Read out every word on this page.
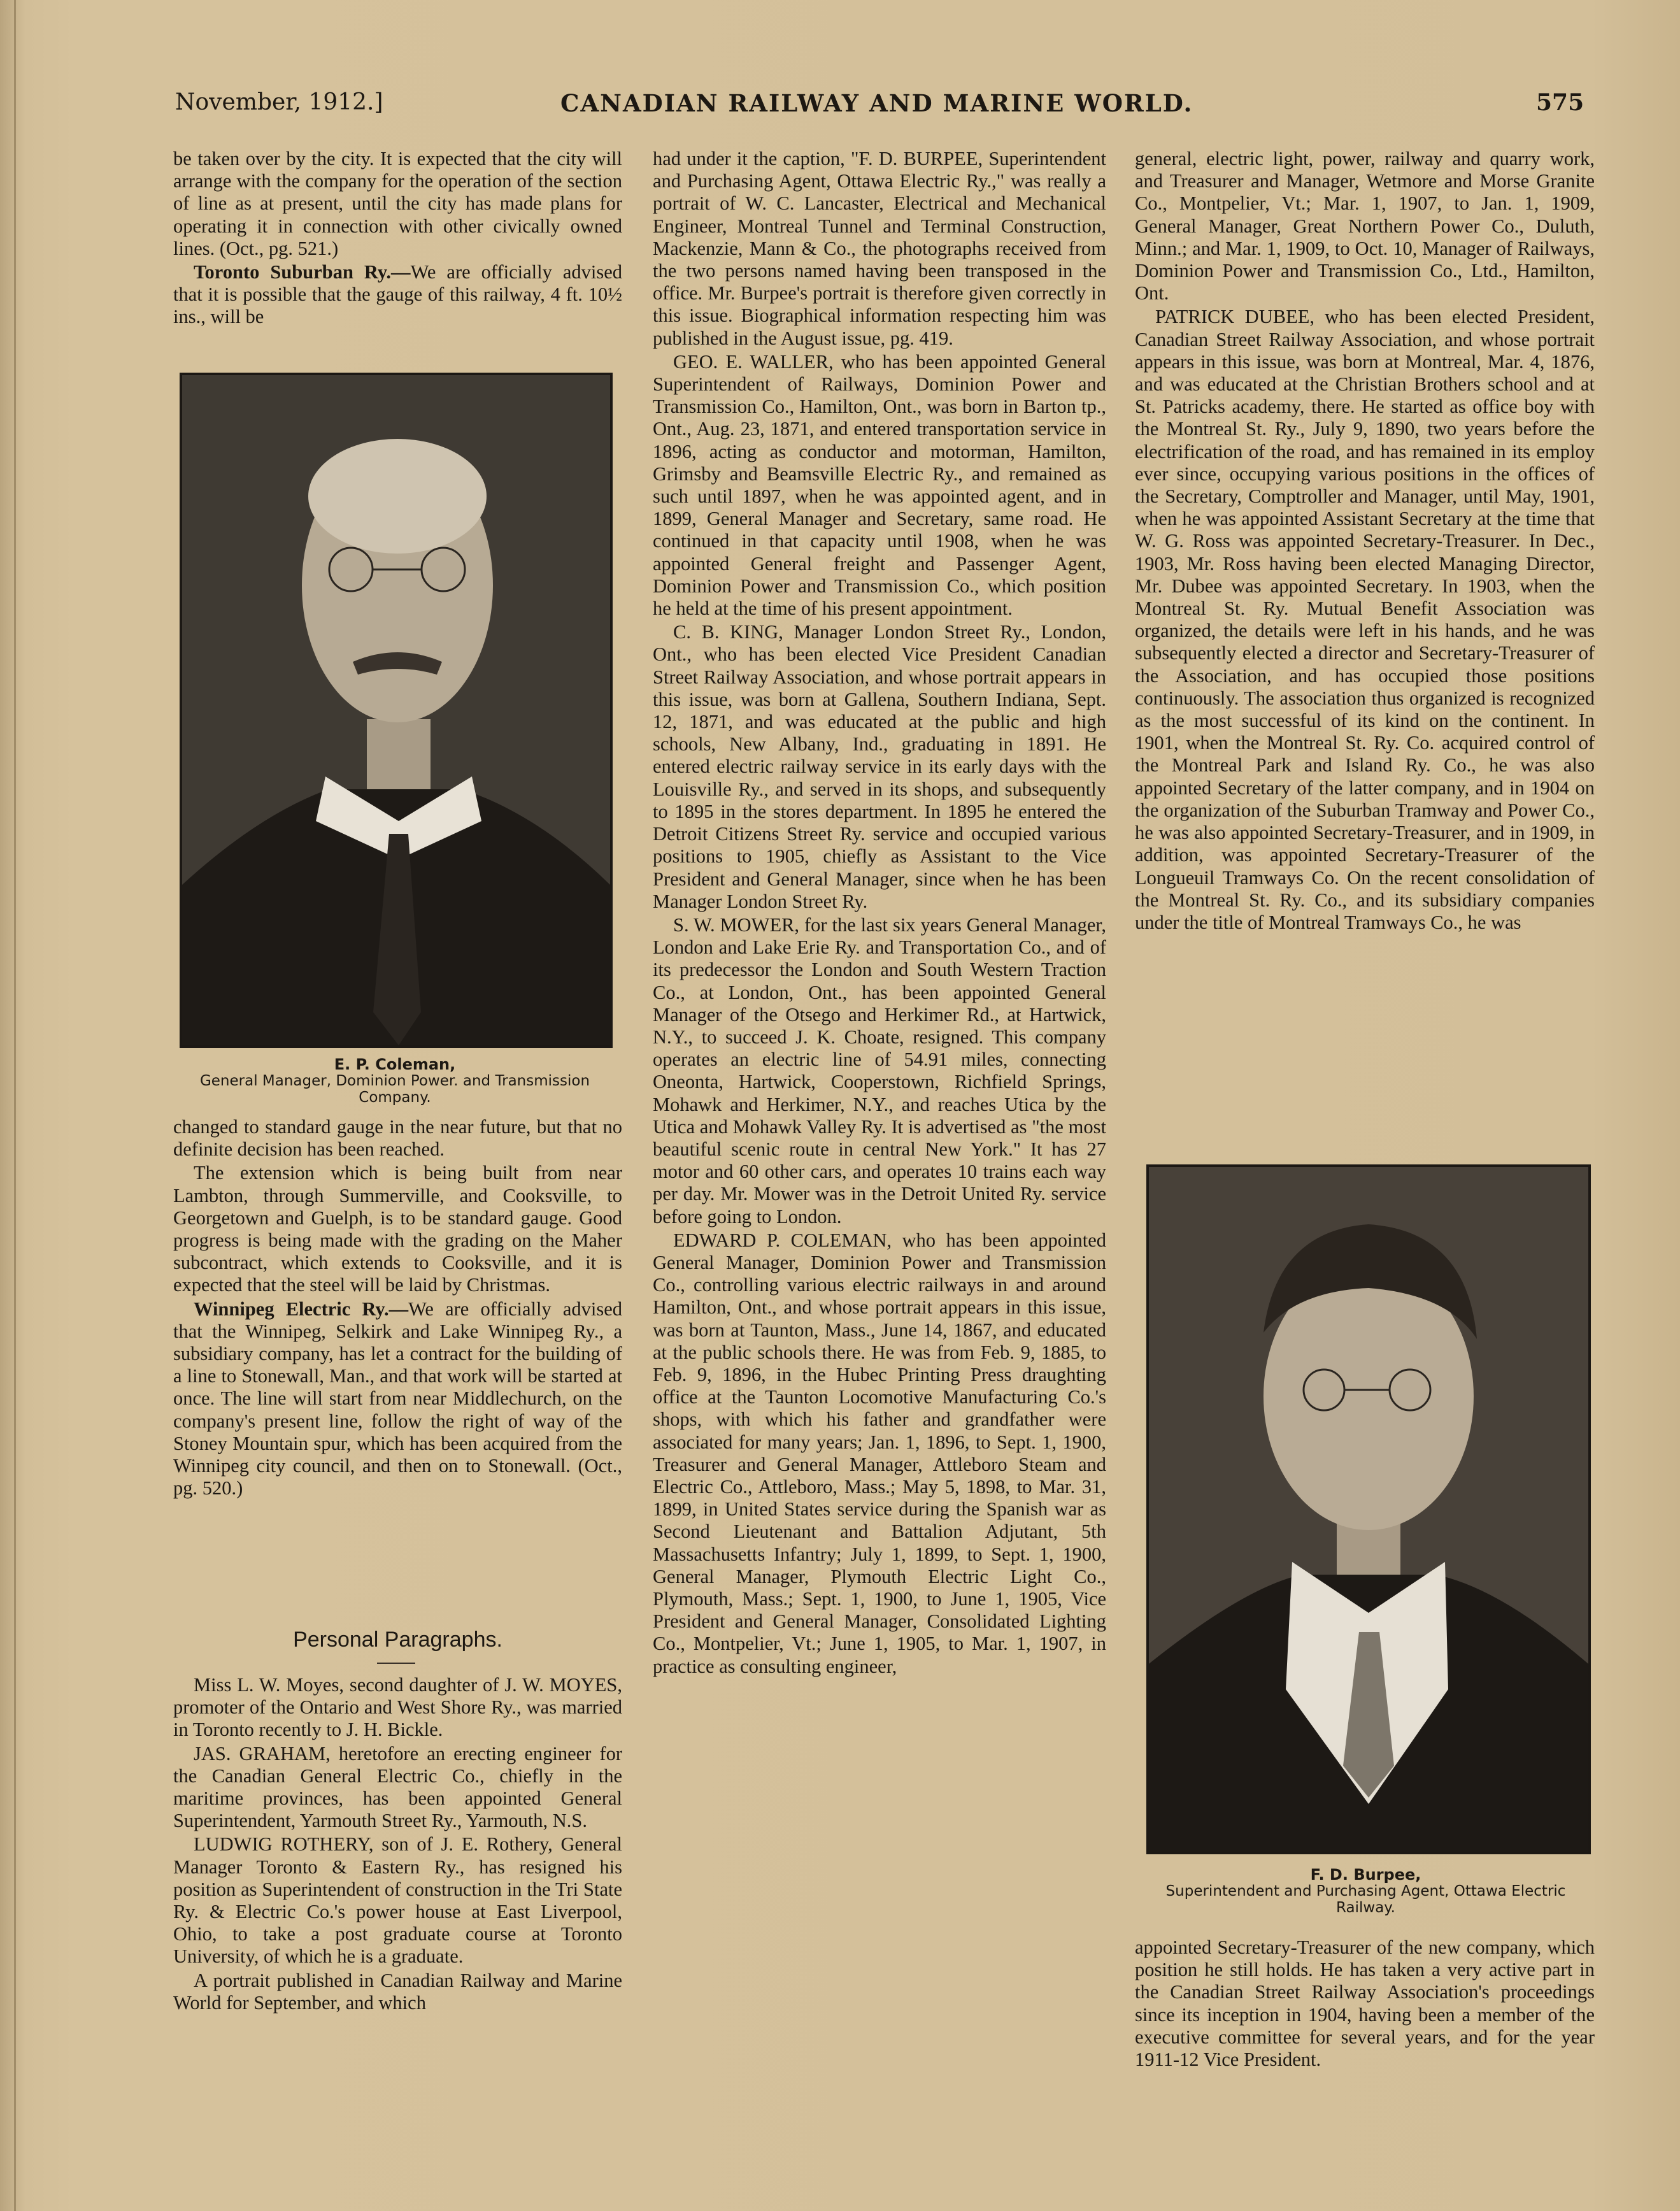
November, 1912.]	CANADIAN RAILWAY AND MARINE WORLD.	575

be taken over by the city. It is expected that the city will arrange with the company for the operation of the section of line as at present, until the city has made plans for operating it in connection with other civically owned lines. (Oct., pg. 521.)

Toronto Suburban Ry.—We are officially advised that it is possible that the gauge of this railway, 4 ft. 10½ ins., will be

E. P. Coleman,
General Manager, Dominion Power. and Transmission Company.

changed to standard gauge in the near future, but that no definite decision has been reached.

The extension which is being built from near Lambton, through Summerville, and Cooksville, to Georgetown and Guelph, is to be standard gauge. Good progress is being made with the grading on the Maher subcontract, which extends to Cooksville, and it is expected that the steel will be laid by Christmas.

Winnipeg Electric Ry.—We are officially advised that the Winnipeg, Selkirk and Lake Winnipeg Ry., a subsidiary company, has let a contract for the building of a line to Stonewall, Man., and that work will be started at once. The line will start from near Middlechurch, on the company's present line, follow the right of way of the Stoney Mountain spur, which has been acquired from the Winnipeg city council, and then on to Stonewall. (Oct., pg. 520.)

Personal Paragraphs.

Miss L. W. Moyes, second daughter of J. W. MOYES, promoter of the Ontario and West Shore Ry., was married in Toronto recently to J. H. Bickle.

JAS. GRAHAM, heretofore an erecting engineer for the Canadian General Electric Co., chiefly in the maritime provinces, has been appointed General Superintendent, Yarmouth Street Ry., Yarmouth, N.S.

LUDWIG ROTHERY, son of J. E. Rothery, General Manager Toronto & Eastern Ry., has resigned his position as Superintendent of construction in the Tri State Ry. & Electric Co.'s power house at East Liverpool, Ohio, to take a post graduate course at Toronto University, of which he is a graduate.

A portrait published in Canadian Railway and Marine World for September, and which

had under it the caption, "F. D. BURPEE, Superintendent and Purchasing Agent, Ottawa Electric Ry.," was really a portrait of W. C. Lancaster, Electrical and Mechanical Engineer, Montreal Tunnel and Terminal Construction, Mackenzie, Mann & Co., the photographs received from the two persons named having been transposed in the office. Mr. Burpee's portrait is therefore given correctly in this issue. Biographical information respecting him was published in the August issue, pg. 419.

GEO. E. WALLER, who has been appointed General Superintendent of Railways, Dominion Power and Transmission Co., Hamilton, Ont., was born in Barton tp., Ont., Aug. 23, 1871, and entered transportation service in 1896, acting as conductor and motorman, Hamilton, Grimsby and Beamsville Electric Ry., and remained as such until 1897, when he was appointed agent, and in 1899, General Manager and Secretary, same road. He continued in that capacity until 1908, when he was appointed General freight and Passenger Agent, Dominion Power and Transmission Co., which position he held at the time of his present appointment.

C. B. KING, Manager London Street Ry., London, Ont., who has been elected Vice President Canadian Street Railway Association, and whose portrait appears in this issue, was born at Gallena, Southern Indiana, Sept. 12, 1871, and was educated at the public and high schools, New Albany, Ind., graduating in 1891. He entered electric railway service in its early days with the Louisville Ry., and served in its shops, and subsequently to 1895 in the stores department. In 1895 he entered the Detroit Citizens Street Ry. service and occupied various positions to 1905, chiefly as Assistant to the Vice President and General Manager, since when he has been Manager London Street Ry.

S. W. MOWER, for the last six years General Manager, London and Lake Erie Ry. and Transportation Co., and of its predecessor the London and South Western Traction Co., at London, Ont., has been appointed General Manager of the Otsego and Herkimer Rd., at Hartwick, N.Y., to succeed J. K. Choate, resigned. This company operates an electric line of 54.91 miles, connecting Oneonta, Hartwick, Cooperstown, Richfield Springs, Mohawk and Herkimer, N.Y., and reaches Utica by the Utica and Mohawk Valley Ry. It is advertised as "the most beautiful scenic route in central New York." It has 27 motor and 60 other cars, and operates 10 trains each way per day. Mr. Mower was in the Detroit United Ry. service before going to London.

EDWARD P. COLEMAN, who has been appointed General Manager, Dominion Power and Transmission Co., controlling various electric railways in and around Hamilton, Ont., and whose portrait appears in this issue, was born at Taunton, Mass., June 14, 1867, and educated at the public schools there. He was from Feb. 9, 1885, to Feb. 9, 1896, in the Hubec Printing Press draughting office at the Taunton Locomotive Manufacturing Co.'s shops, with which his father and grandfather were associated for many years; Jan. 1, 1896, to Sept. 1, 1900, Treasurer and General Manager, Attleboro Steam and Electric Co., Attleboro, Mass.; May 5, 1898, to Mar. 31, 1899, in United States service during the Spanish war as Second Lieutenant and Battalion Adjutant, 5th Massachusetts Infantry; July 1, 1899, to Sept. 1, 1900, General Manager, Plymouth Electric Light Co., Plymouth, Mass.; Sept. 1, 1900, to June 1, 1905, Vice President and General Manager, Consolidated Lighting Co., Montpelier, Vt.; June 1, 1905, to Mar. 1, 1907, in practice as consulting engineer,

general, electric light, power, railway and quarry work, and Treasurer and Manager, Wetmore and Morse Granite Co., Montpelier, Vt.; Mar. 1, 1907, to Jan. 1, 1909, General Manager, Great Northern Power Co., Duluth, Minn.; and Mar. 1, 1909, to Oct. 10, Manager of Railways, Dominion Power and Transmission Co., Ltd., Hamilton, Ont.

PATRICK DUBEE, who has been elected President, Canadian Street Railway Association, and whose portrait appears in this issue, was born at Montreal, Mar. 4, 1876, and was educated at the Christian Brothers school and at St. Patricks academy, there. He started as office boy with the Montreal St. Ry., July 9, 1890, two years before the electrification of the road, and has remained in its employ ever since, occupying various positions in the offices of the Secretary, Comptroller and Manager, until May, 1901, when he was appointed Assistant Secretary at the time that W. G. Ross was appointed Secretary-Treasurer. In Dec., 1903, Mr. Ross having been elected Managing Director, Mr. Dubee was appointed Secretary. In 1903, when the Montreal St. Ry. Mutual Benefit Association was organized, the details were left in his hands, and he was subsequently elected a director and Secretary-Treasurer of the Association, and has occupied those positions continuously. The association thus organized is recognized as the most successful of its kind on the continent. In 1901, when the Montreal St. Ry. Co. acquired control of the Montreal Park and Island Ry. Co., he was also appointed Secretary of the latter company, and in 1904 on the organization of the Suburban Tramway and Power Co., he was also appointed Secretary-Treasurer, and in 1909, in addition, was appointed Secretary-Treasurer of the Longueuil Tramways Co. On the recent consolidation of the Montreal St. Ry. Co., and its subsidiary companies under the title of Montreal Tramways Co., he was

F. D. Burpee,
Superintendent and Purchasing Agent, Ottawa Electric Railway.

appointed Secretary-Treasurer of the new company, which position he still holds. He has taken a very active part in the Canadian Street Railway Association's proceedings since its inception in 1904, having been a member of the executive committee for several years, and for the year 1911-12 Vice President.
